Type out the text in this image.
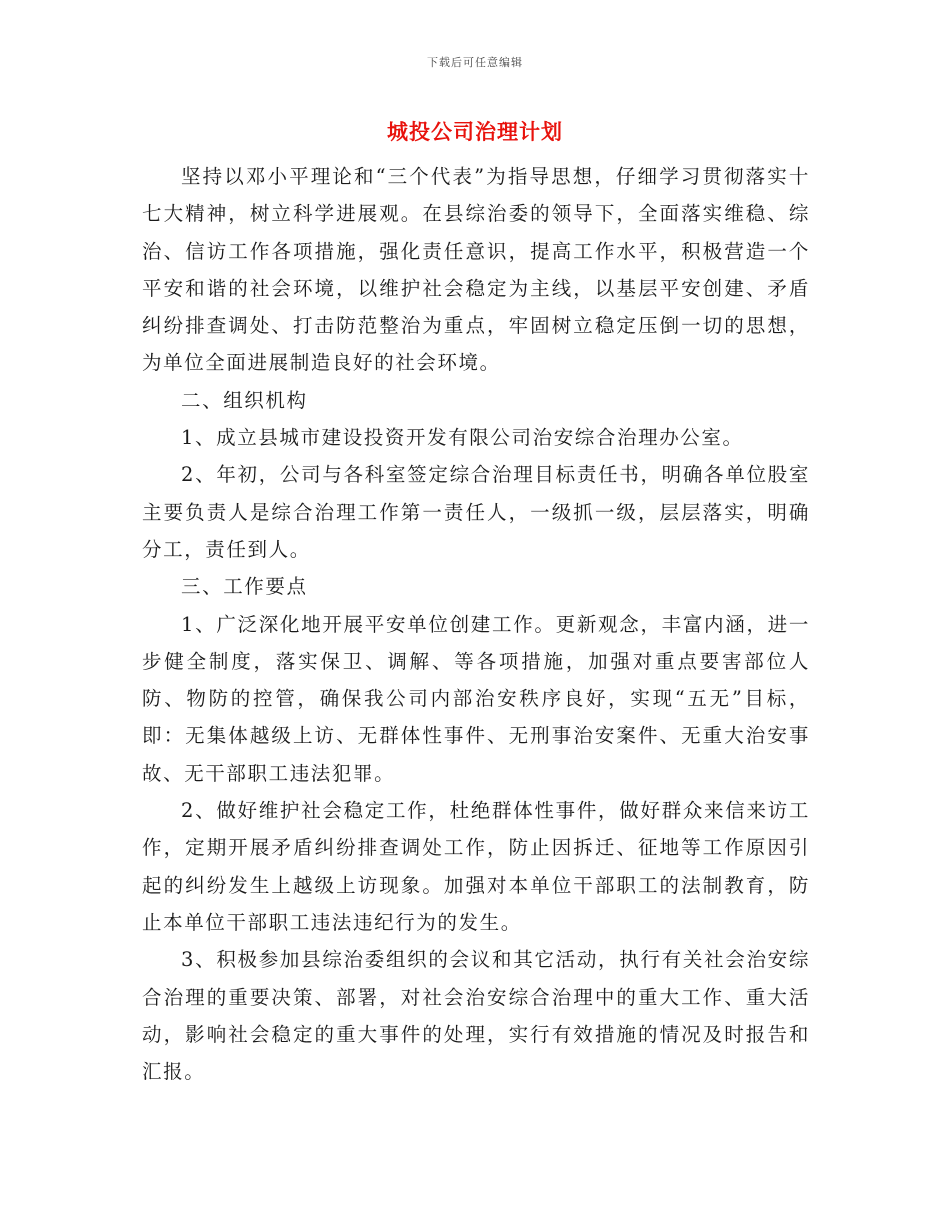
下载后可任意编辑
城投公司治理计划

坚持以邓小平理论和“三个代表”为指导思想，仔细学习贯彻落实十七大精神，树立科学进展观。在县综治委的领导下，全面落实维稳、综治、信访工作各项措施，强化责任意识，提高工作水平，积极营造一个平安和谐的社会环境，以维护社会稳定为主线，以基层平安创建、矛盾纠纷排查调处、打击防范整治为重点，牢固树立稳定压倒一切的思想，为单位全面进展制造良好的社会环境。

二、组织机构

1、成立县城市建设投资开发有限公司治安综合治理办公室。

2、年初，公司与各科室签定综合治理目标责任书，明确各单位股室主要负责人是综合治理工作第一责任人，一级抓一级，层层落实，明确分工，责任到人。

三、工作要点

1、广泛深化地开展平安单位创建工作。更新观念，丰富内涵，进一步健全制度，落实保卫、调解、等各项措施，加强对重点要害部位人防、物防的控管，确保我公司内部治安秩序良好，实现“五无”目标，即：无集体越级上访、无群体性事件、无刑事治安案件、无重大治安事故、无干部职工违法犯罪。

2、做好维护社会稳定工作，杜绝群体性事件，做好群众来信来访工作，定期开展矛盾纠纷排查调处工作，防止因拆迁、征地等工作原因引起的纠纷发生上越级上访现象。加强对本单位干部职工的法制教育，防止本单位干部职工违法违纪行为的发生。

3、积极参加县综治委组织的会议和其它活动，执行有关社会治安综合治理的重要决策、部署，对社会治安综合治理中的重大工作、重大活动，影响社会稳定的重大事件的处理，实行有效措施的情况及时报告和汇报。
